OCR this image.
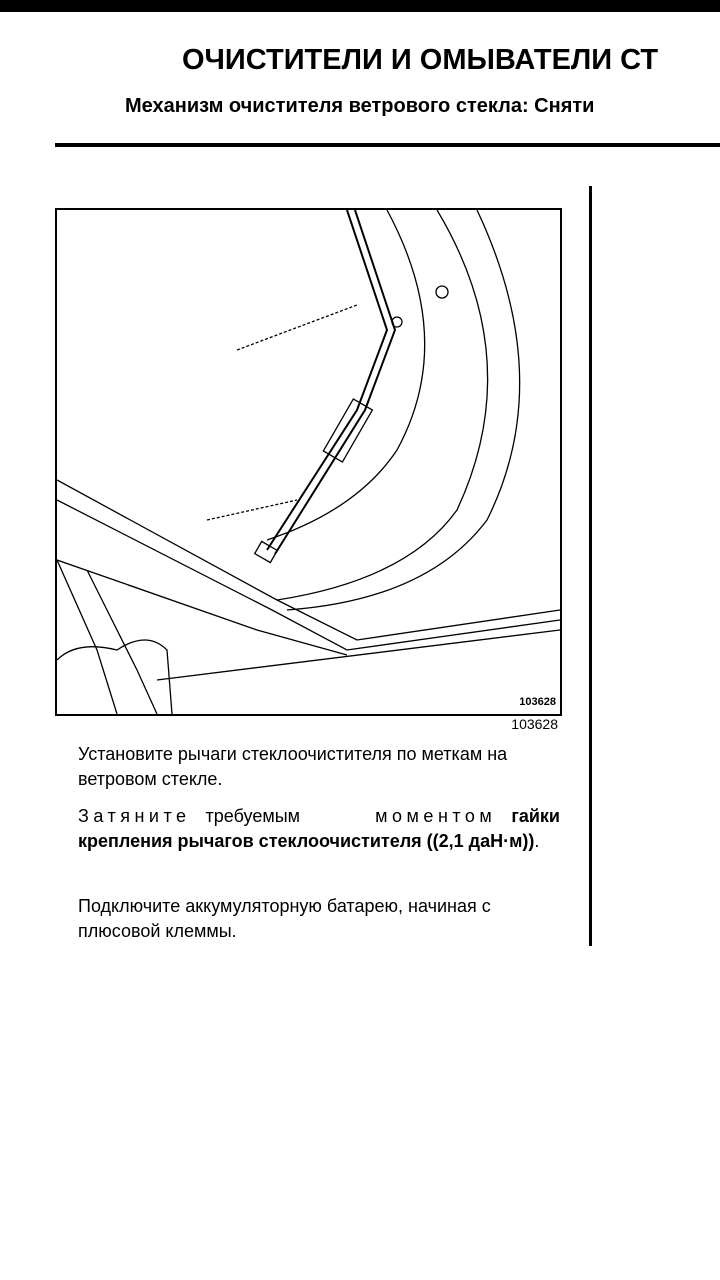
ОЧИСТИТЕЛИ И ОМЫВАТЕЛИ СТ
Механизм очистителя ветрового стекла: Сняти
103628
103628
Установите рычаги стеклоочистителя по меткам на ветровом стекле.
Затяните требуемым	моментом гайки крепления рычагов стеклоочистителя ((2,1 даН·м)).
Подключите аккумуляторную батарею, начиная с плюсовой клеммы.
